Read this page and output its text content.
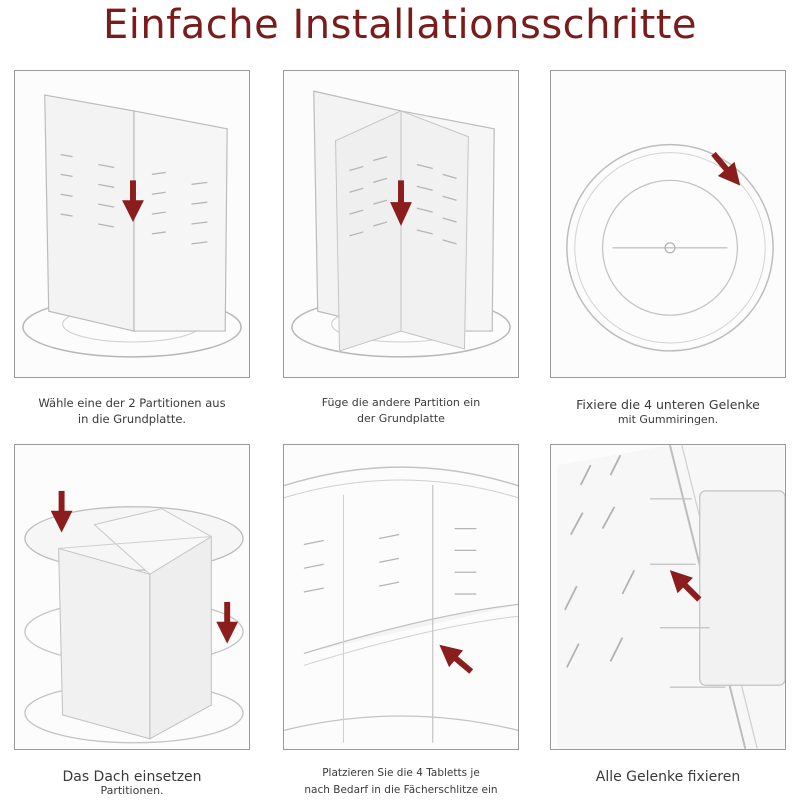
Einfache Installationsschritte
Wähle eine der 2 Partitionen aus
in die Grundplatte.
Füge die andere Partition ein
der Grundplatte
Fixiere die 4 unteren Gelenke
mit Gummiringen.
Das Dach einsetzen
Partitionen.
Platzieren Sie die 4 Tabletts je
nach Bedarf in die Fächerschlitze ein
Alle Gelenke fixieren
